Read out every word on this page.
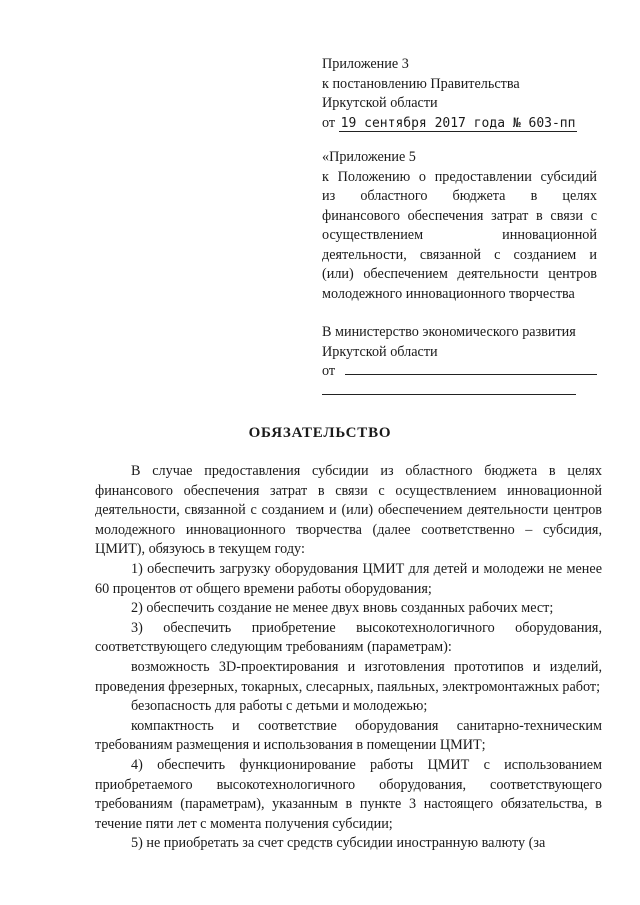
Приложение 3
к постановлению Правительства
Иркутской области
от 19 сентября 2017 года № 603-пп
«Приложение 5
к Положению о предоставлении субсидий
из областного бюджета в целях
финансового обеспечения затрат в связи с
осуществлением инновационной
деятельности, связанной с созданием и
(или) обеспечением деятельности центров
молодежного инновационного творчества
В министерство экономического развития
Иркутской области
от
ОБЯЗАТЕЛЬСТВО

В случае предоставления субсидии из областного бюджета в целях финансового обеспечения затрат в связи с осуществлением инновационной деятельности, связанной с созданием и (или) обеспечением деятельности центров молодежного инновационного творчества (далее соответственно – субсидия, ЦМИТ), обязуюсь в текущем году:

1) обеспечить загрузку оборудования ЦМИТ для детей и молодежи не менее 60 процентов от общего времени работы оборудования;

2) обеспечить создание не менее двух вновь созданных рабочих мест;

3) обеспечить приобретение высокотехнологичного оборудования, соответствующего следующим требованиям (параметрам):

возможность 3D-проектирования и изготовления прототипов и изделий, проведения фрезерных, токарных, слесарных, паяльных, электромонтажных работ;

безопасность для работы с детьми и молодежью;

компактность и соответствие оборудования санитарно-техническим требованиям размещения и использования в помещении ЦМИТ;

4) обеспечить функционирование работы ЦМИТ с использованием приобретаемого высокотехнологичного оборудования, соответствующего требованиям (параметрам), указанным в пункте 3 настоящего обязательства, в течение пяти лет с момента получения субсидии;

5) не приобретать за счет средств субсидии иностранную валюту (за
